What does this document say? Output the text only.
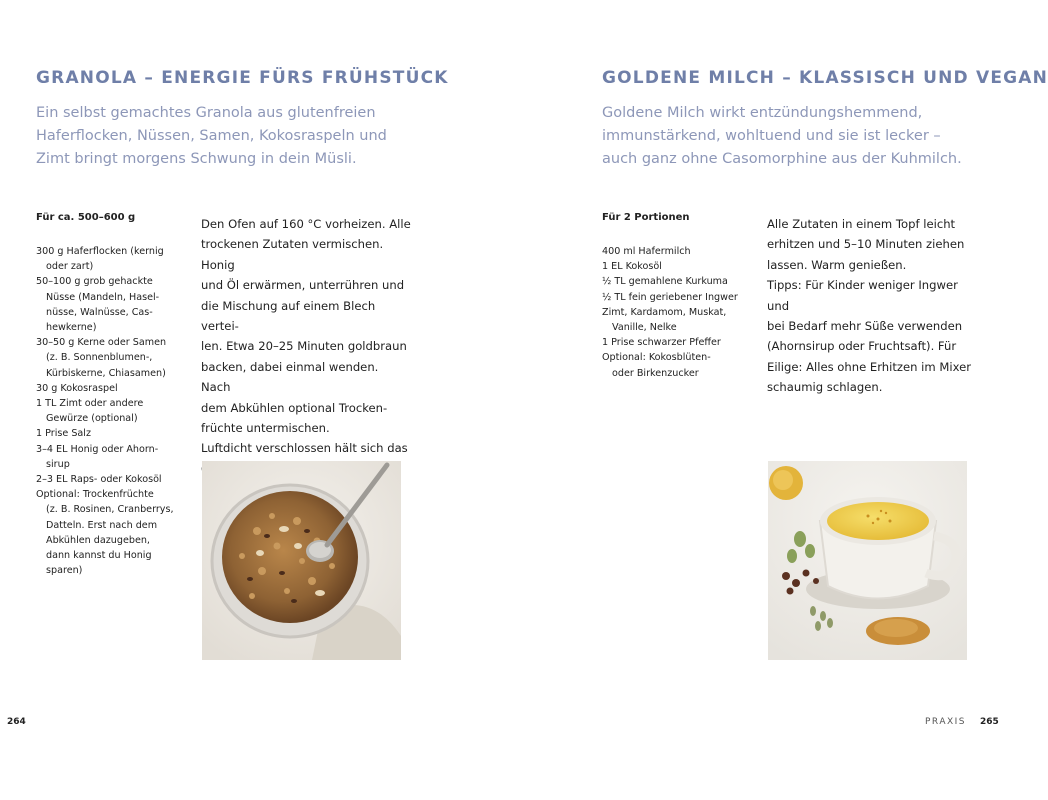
GRANOLA – ENERGIE FÜRS FRÜHSTÜCK

Ein selbst gemachtes Granola aus glutenfreien
Haferflocken, Nüssen, Samen, Kokosraspeln und
Zimt bringt morgens Schwung in dein Müsli.

Für ca. 500–600 g
300 g Haferflocken (kernig
oder zart)
50–100 g grob gehackte
Nüsse (Mandeln, Hasel-
nüsse, Walnüsse, Cas-
hewkerne)
30–50 g Kerne oder Samen
(z. B. Sonnenblumen-,
Kürbiskerne, Chiasamen)
30 g Kokosraspel
1 TL Zimt oder andere
Gewürze (optional)
1 Prise Salz
3–4 EL Honig oder Ahorn-
sirup
2–3 EL Raps- oder Kokosöl
Optional: Trockenfrüchte
(z. B. Rosinen, Cranberrys,
Datteln. Erst nach dem
Abkühlen dazugeben,
dann kannst du Honig
sparen)

Den Ofen auf 160 °C vorheizen. Alle
trockenen Zutaten vermischen. Honig
und Öl erwärmen, unterrühren und
die Mischung auf einem Blech vertei-
len. Etwa 20–25 Minuten goldbraun
backen, dabei einmal wenden. Nach
dem Abkühlen optional Trocken-
früchte untermischen.
Luftdicht verschlossen hält sich das

264
GOLDENE MILCH – KLASSISCH UND VEGAN

Goldene Milch wirkt entzündungshemmend,
immunstärkend, wohltuend und sie ist lecker –
auch ganz ohne Casomorphine aus der Kuhmilch.

Für 2 Portionen
400 ml Hafermilch
1 EL Kokosöl
½ TL gemahlene Kurkuma
½ TL fein geriebener Ingwer
Zimt, Kardamom, Muskat,
Vanille, Nelke
1 Prise schwarzer Pfeffer
Optional: Kokosblüten-
oder Birkenzucker

Alle Zutaten in einem Topf leicht
erhitzen und 5–10 Minuten ziehen
lassen. Warm genießen.
Tipps: Für Kinder weniger Ingwer und
bei Bedarf mehr Süße verwenden
(Ahornsirup oder Fruchtsaft). Für
Eilige: Alles ohne Erhitzen im Mixer
schaumig schlagen.

PRAXIS 265
